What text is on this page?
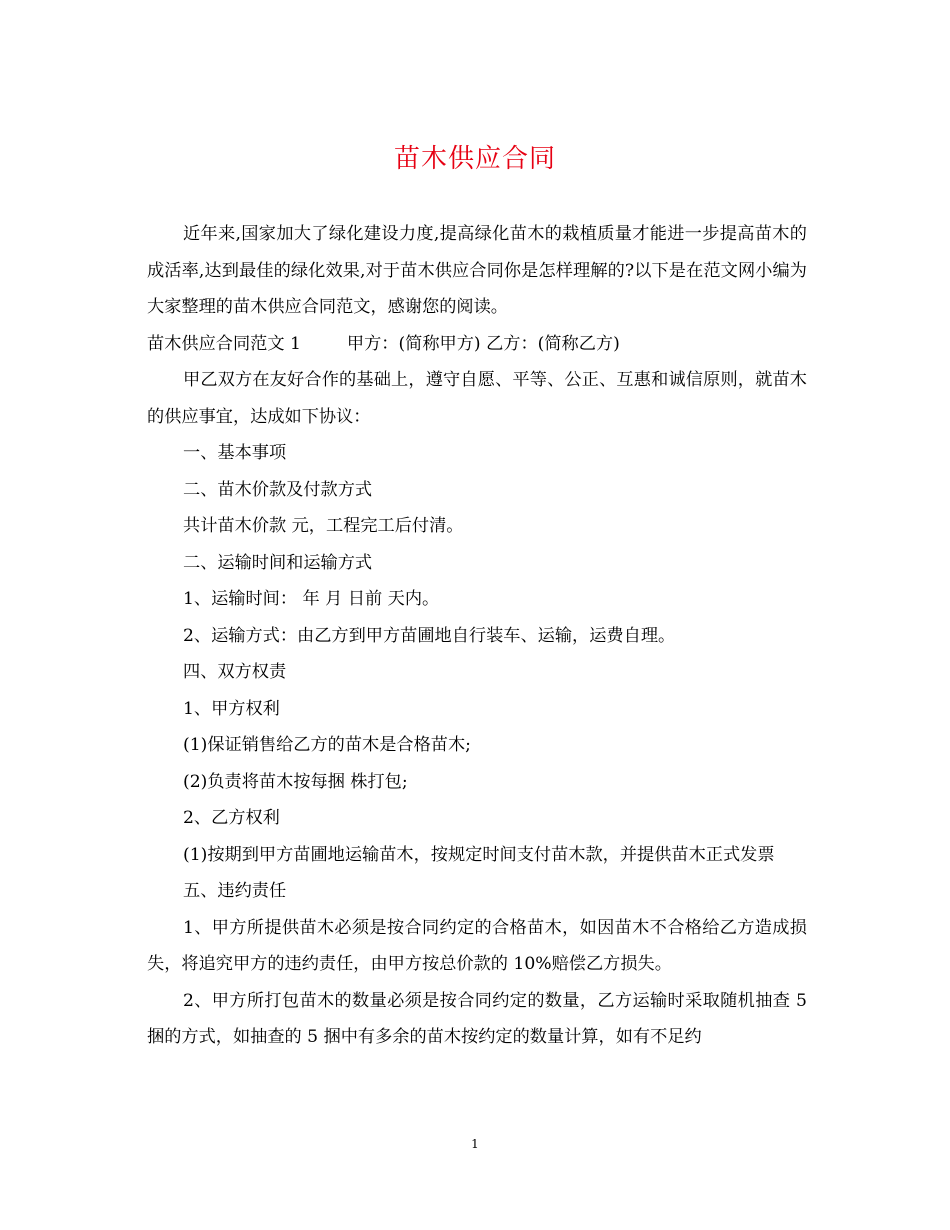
苗木供应合同

近年来,国家加大了绿化建设力度,提高绿化苗木的栽植质量才能进一步提高苗木的成活率,达到最佳的绿化效果,对于苗木供应合同你是怎样理解的?以下是在范文网小编为大家整理的苗木供应合同范文，感谢您的阅读。

苗木供应合同范文 1	甲方：(简称甲方) 乙方：(简称乙方)

甲乙双方在友好合作的基础上，遵守自愿、平等、公正、互惠和诚信原则，就苗木的供应事宜，达成如下协议：

一、基本事项

二、苗木价款及付款方式

共计苗木价款 元，工程完工后付清。

二、运输时间和运输方式

1、运输时间： 年 月 日前 天内。

2、运输方式：由乙方到甲方苗圃地自行装车、运输，运费自理。

四、双方权责

1、甲方权利

(1)保证销售给乙方的苗木是合格苗木;

(2)负责将苗木按每捆 株打包;

2、乙方权利

(1)按期到甲方苗圃地运输苗木，按规定时间支付苗木款，并提供苗木正式发票

五、违约责任

1、甲方所提供苗木必须是按合同约定的合格苗木，如因苗木不合格给乙方造成损失，将追究甲方的违约责任，由甲方按总价款的 10%赔偿乙方损失。

2、甲方所打包苗木的数量必须是按合同约定的数量，乙方运输时采取随机抽查 5 捆的方式，如抽查的 5 捆中有多余的苗木按约定的数量计算，如有不足约

1
